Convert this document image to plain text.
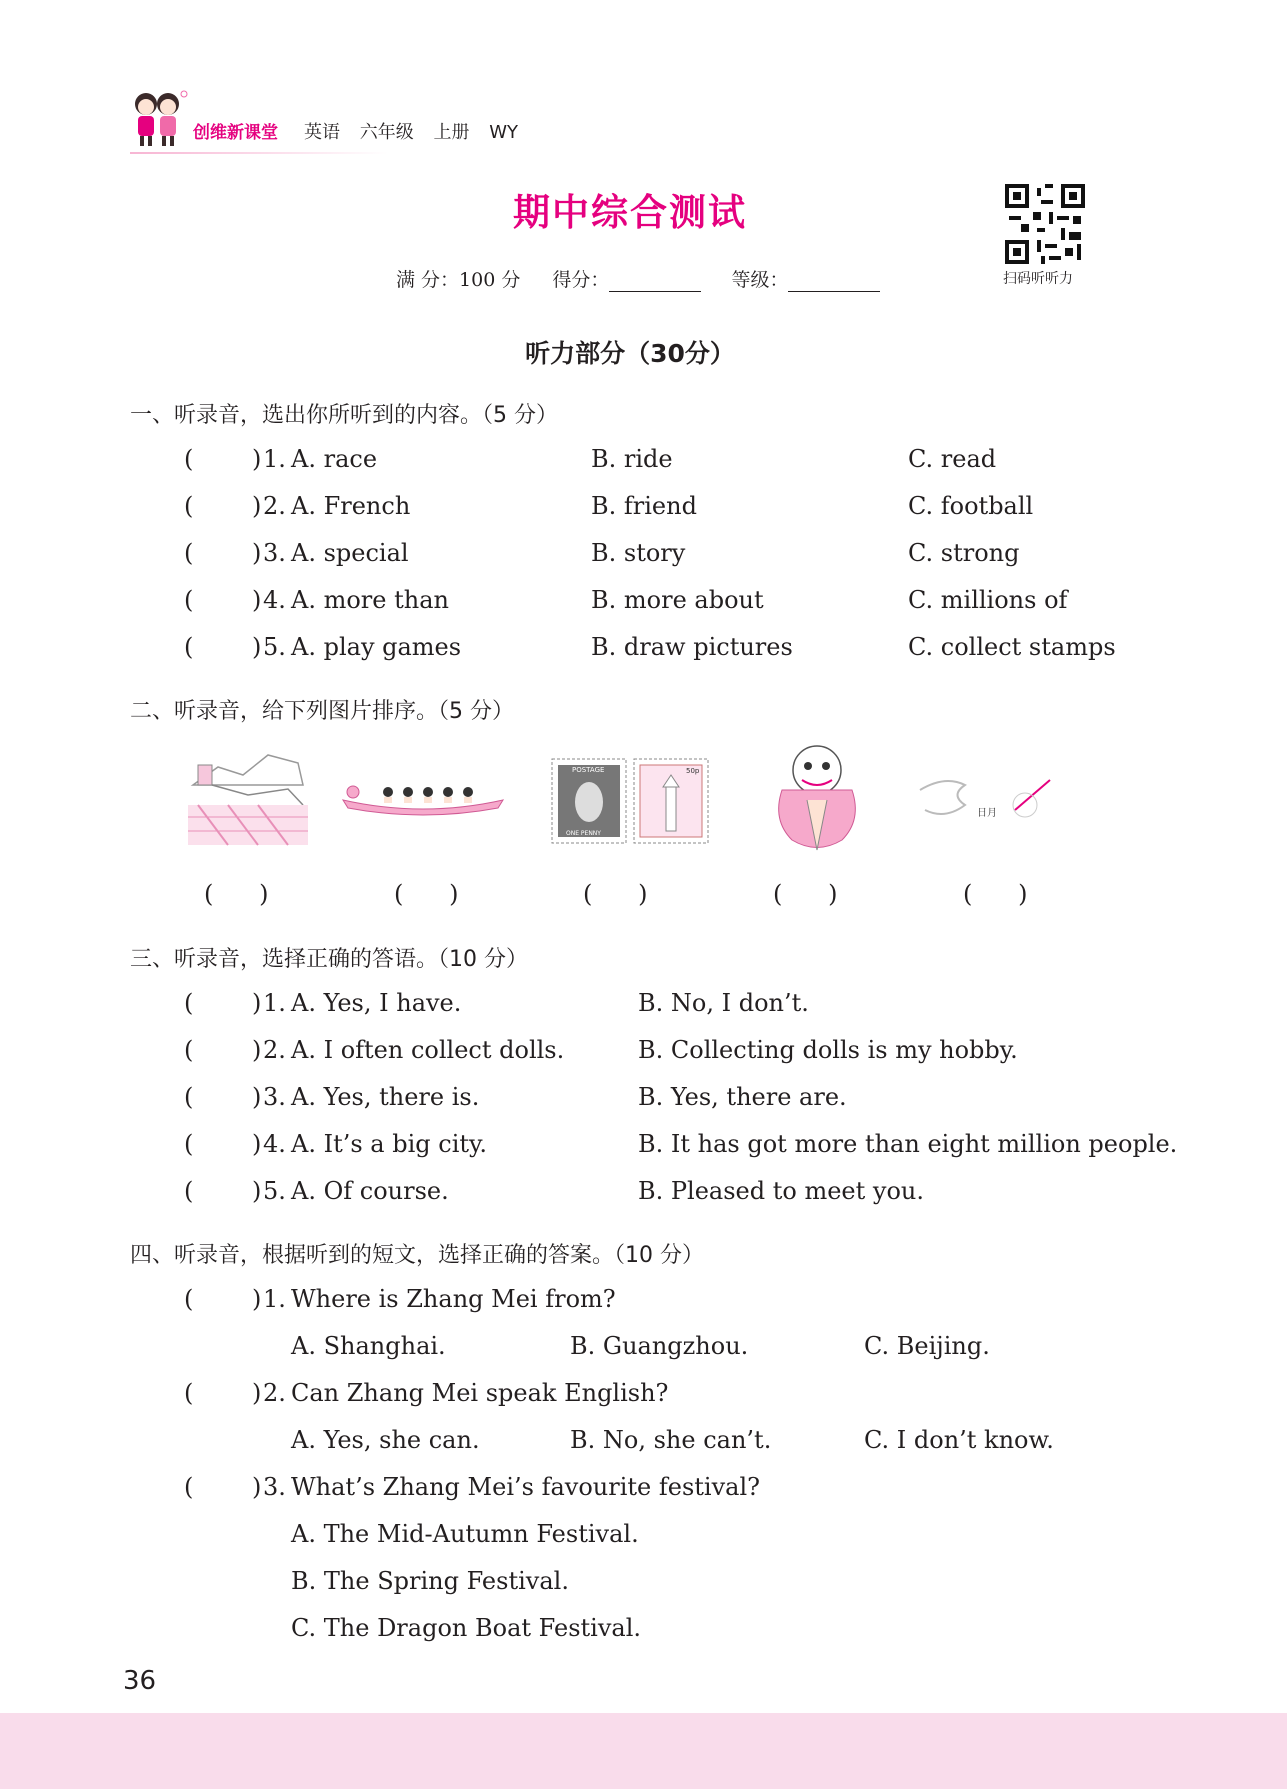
创维新课堂 英语 六年级 上册 WY
期中综合测试
扫码听听力
满 分：100 分 得分：	等级：
听力部分（30分）
一、听录音，选出你所听到的内容。（5 分）
( ) 1. A. race	B. ride	C. read
( ) 2. A. French	B. friend	C. football
( ) 3. A. special	B. story	C. strong
( ) 4. A. more than	B. more about	C. millions of
( ) 5. A. play games	B. draw pictures	C. collect stamps
二、听录音，给下列图片排序。（5 分）
POSTAGE
ONE PENNY
50p
日月
(      )	(      )	(      )	(      )	(      )
三、听录音，选择正确的答语。（10 分）
( ) 1. A. Yes, I have.	B. No, I don’t.
( ) 2. A. I often collect dolls.	B. Collecting dolls is my hobby.
( ) 3. A. Yes, there is.	B. Yes, there are.
( ) 4. A. It’s a big city.	B. It has got more than eight million people.
( ) 5. A. Of course.	B. Pleased to meet you.
四、听录音，根据听到的短文，选择正确的答案。（10 分）
( ) 1. Where is Zhang Mei from?
A. Shanghai.	B. Guangzhou.	C. Beijing.
( ) 2. Can Zhang Mei speak English?
A. Yes, she can.	B. No, she can’t.	C. I don’t know.
( ) 3. What’s Zhang Mei’s favourite festival?
A. The Mid-Autumn Festival.
B. The Spring Festival.
C. The Dragon Boat Festival.
36
